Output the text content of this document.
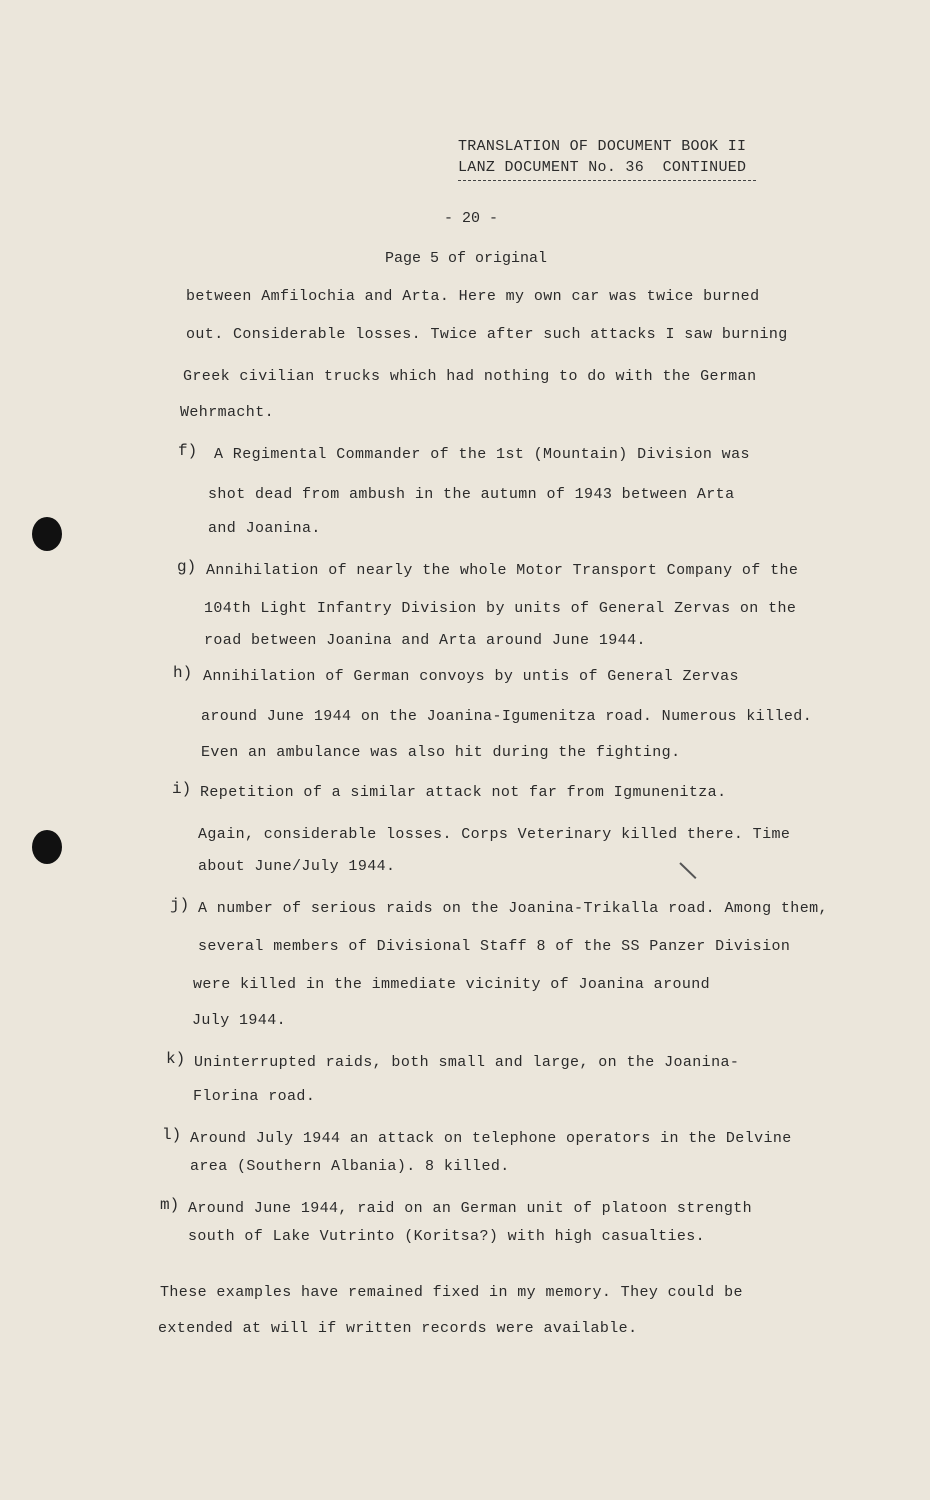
TRANSLATION OF DOCUMENT BOOK II
LANZ DOCUMENT No. 36  CONTINUED
- 20 -
Page 5 of original
between Amfilochia and Arta. Here my own car was twice burned
out. Considerable losses. Twice after such attacks I saw burning
Greek civilian trucks which had nothing to do with the German
Wehrmacht.
f) A Regimental Commander of the 1st (Mountain) Division was
shot dead from ambush in the autumn of 1943 between Arta
and Joanina.
g) Annihilation of nearly the whole Motor Transport Company of the
104th Light Infantry Division by units of General Zervas on the
road between Joanina and Arta around June 1944.
h) Annihilation of German convoys by untis of General Zervas
around June 1944 on the Joanina-Igumenitza road. Numerous killed.
Even an ambulance was also hit during the fighting.
i) Repetition of a similar attack not far from Igmunenitza.
Again, considerable losses. Corps Veterinary killed there. Time
about June/July 1944.
j) A number of serious raids on the Joanina-Trikalla road. Among them,
several members of Divisional Staff 8 of the SS Panzer Division
were killed in the immediate vicinity of Joanina around
July 1944.
k) Uninterrupted raids, both small and large, on the Joanina-
Florina road.
l) Around July 1944 an attack on telephone operators in the Delvine
area (Southern Albania). 8 killed.
m) Around June 1944, raid on an German unit of platoon strength
south of Lake Vutrinto (Koritsa?) with high casualties.
These examples have remained fixed in my memory. They could be
extended at will if written records were available.
